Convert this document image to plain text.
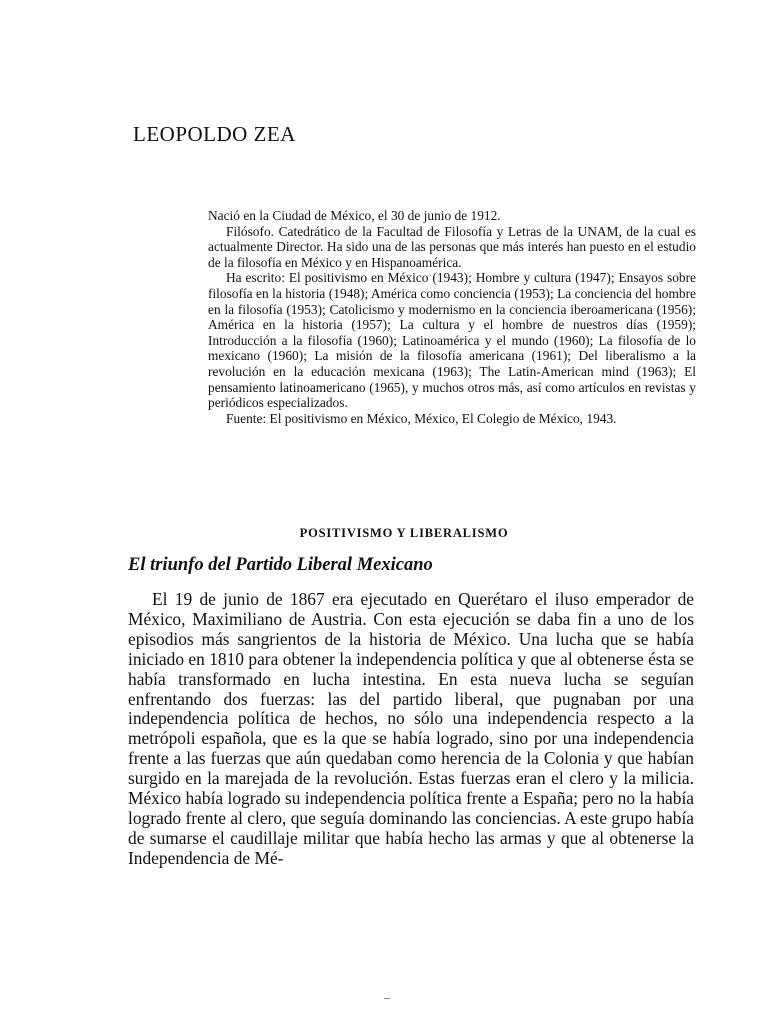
LEOPOLDO ZEA

Nació en la Ciudad de México, el 30 de junio de 1912.

Filósofo. Catedrático de la Facultad de Filosofía y Letras de la UNAM, de la cual es actualmente Director. Ha sido una de las personas que más interés han puesto en el estudio de la filosofía en México y en Hispanoamérica.

Ha escrito: El positivismo en México (1943); Hombre y cultura (1947); Ensayos sobre filosofía en la historia (1948); América como conciencia (1953); La conciencia del hombre en la filosofía (1953); Catolicismo y modernismo en la conciencia iberoamericana (1956); América en la historia (1957); La cultura y el hombre de nuestros días (1959); Introducción a la filosofía (1960); Latinoamérica y el mundo (1960); La filosofía de lo mexicano (1960); La misión de la filosofía americana (1961); Del liberalismo a la revolución en la educación mexicana (1963); The Latin-American mind (1963); El pensamiento latinoamericano (1965), y muchos otros más, así como artículos en revistas y periódicos especializados.

Fuente: El positivismo en México, México, El Colegio de México, 1943.

POSITIVISMO Y LIBERALISMO
El triunfo del Partido Liberal Mexicano

El 19 de junio de 1867 era ejecutado en Querétaro el iluso emperador de México, Maximiliano de Austria. Con esta ejecución se daba fin a uno de los episodios más sangrientos de la historia de México. Una lucha que se había iniciado en 1810 para obtener la independencia política y que al obtenerse ésta se había transformado en lucha intestina. En esta nueva lucha se seguían enfrentando dos fuerzas: las del partido liberal, que pugnaban por una independencia política de hechos, no sólo una independencia respecto a la metrópoli española, que es la que se había logrado, sino por una independencia frente a las fuerzas que aún quedaban como herencia de la Colonia y que habían surgido en la marejada de la revolución. Estas fuerzas eran el clero y la milicia. México había logrado su independencia política frente a España; pero no la había logrado frente al clero, que seguía dominando las conciencias. A este grupo había de sumarse el caudillaje militar que había hecho las armas y que al obtenerse la Independencia de Mé-
